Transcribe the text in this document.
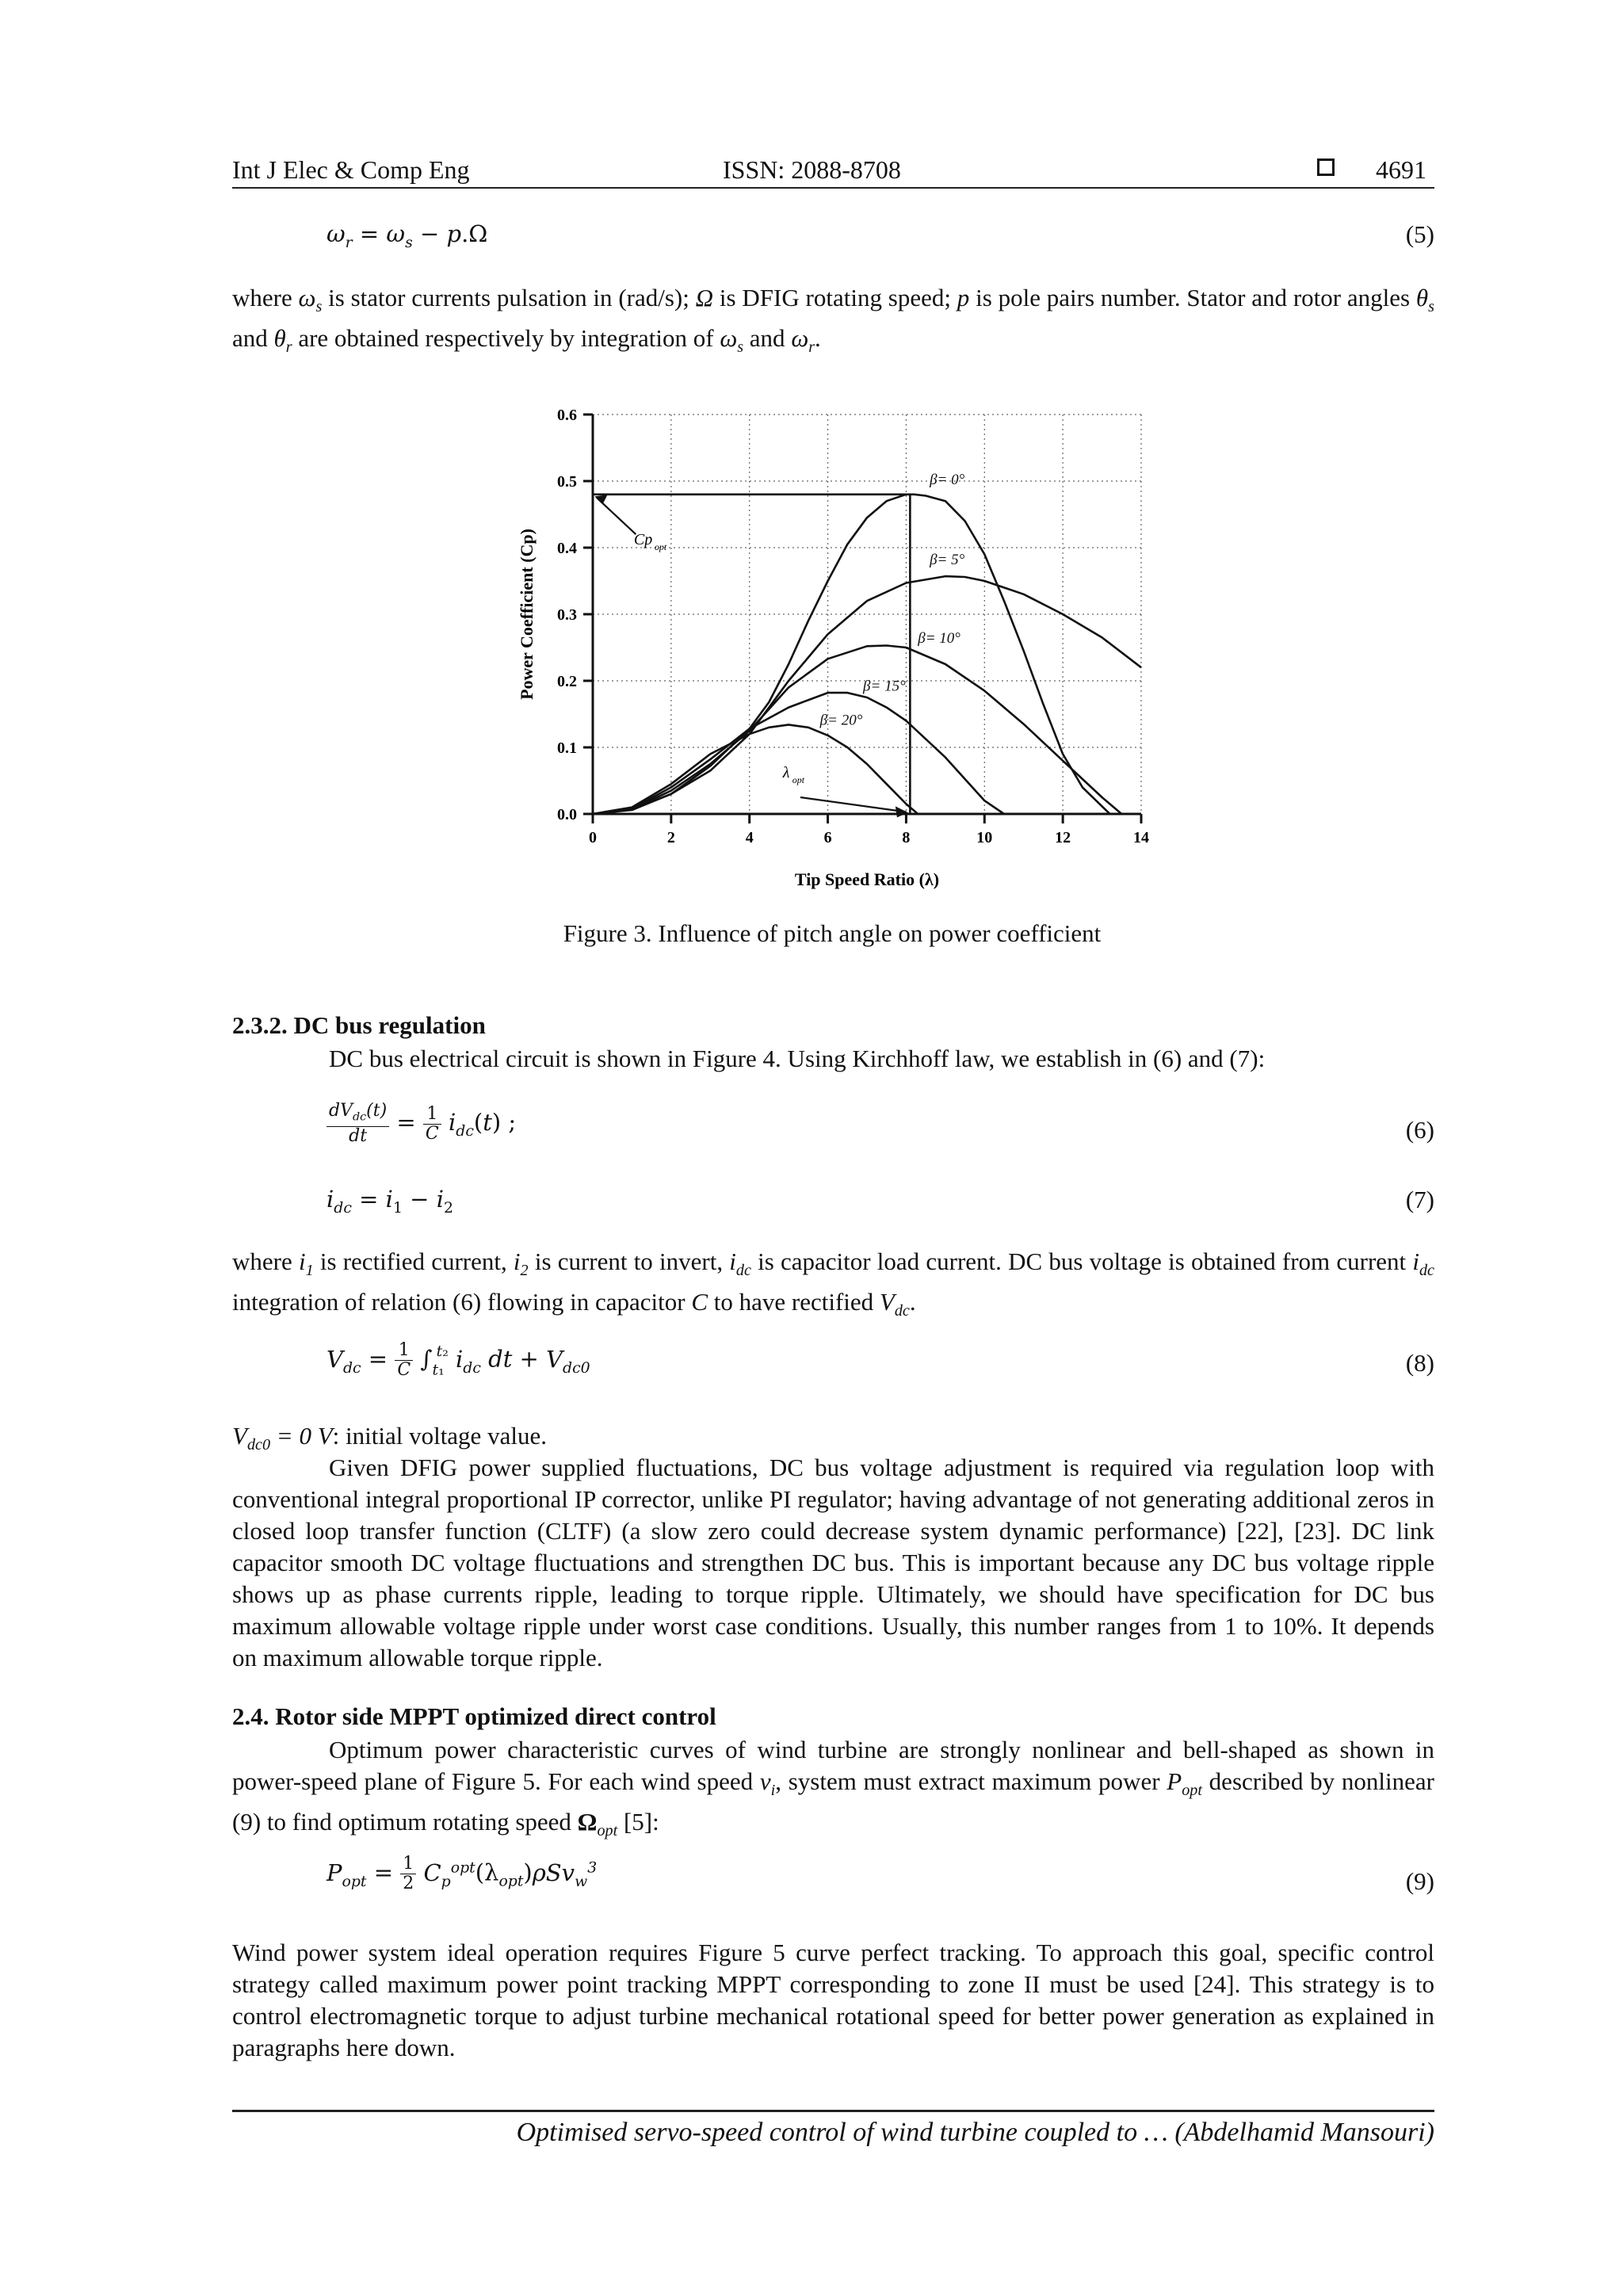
Int J Elec & Comp Eng	ISSN: 2088-8708	4691
$\omega_r = \omega_s - p.\Omega$	(5)
where $\omega_s$ is stator currents pulsation in (rad/s); Ω is DFIG rotating speed; p is pole pairs number. Stator and rotor angles $\theta_s$ and $\theta_r$ are obtained respectively by integration of $\omega_s$ and $\omega_r$.
0	2	4	6	8	10	12	14
0.0
0.1
0.2
0.3
0.4
0.5
0.6
Tip Speed Ratio (λ)
Power Coefficient (Cp)
β= 0°
β= 5°
β= 10°
β= 15°
β= 20°
Cp opt
λ opt
Figure 3. Influence of pitch angle on power coefficient
2.3.2. DC bus regulation
DC bus electrical circuit is shown in Figure 4. Using Kirchhoff law, we establish in (6) and (7):
$\frac{dV_{dc}(t)}{dt} = \frac{1}{C} i_{dc}(t)$ ;	(6)
$i_{dc} = i_1 - i_2$	(7)
where $i_1$ is rectified current, $i_2$ is current to invert, $i_{dc}$ is capacitor load current. DC bus voltage is obtained from current $i_{dc}$ integration of relation (6) flowing in capacitor C to have rectified $V_{dc}$.
$V_{dc} = \frac{1}{C} \int_{t_1}^{t_2}$ $i_{dc}$ dt + $V_{dc0}$	(8)
$V_{dc0} = 0$ V: initial voltage value.
Given DFIG power supplied fluctuations, DC bus voltage adjustment is required via regulation loop with conventional integral proportional IP corrector, unlike PI regulator; having advantage of not generating additional zeros in closed loop transfer function (CLTF) (a slow zero could decrease system dynamic performance) [22], [23]. DC link capacitor smooth DC voltage fluctuations and strengthen DC bus. This is important because any DC bus voltage ripple shows up as phase currents ripple, leading to torque ripple. Ultimately, we should have specification for DC bus maximum allowable voltage ripple under worst case conditions. Usually, this number ranges from 1 to 10%. It depends on maximum allowable torque ripple.
2.4. Rotor side MPPT optimized direct control
Optimum power characteristic curves of wind turbine are strongly nonlinear and bell-shaped as shown in power-speed plane of Figure 5. For each wind speed $v_i$, system must extract maximum power $P_{opt}$ described by nonlinear (9) to find optimum rotating speed $\Omega_{opt}$ [5]:
$P_{opt} = \frac{1}{2} C_p^{opt}(\lambda_{opt})\rho Sv_w^3$	(9)
Wind power system ideal operation requires Figure 5 curve perfect tracking. To approach this goal, specific control strategy called maximum power point tracking MPPT corresponding to zone II must be used [24]. This strategy is to control electromagnetic torque to adjust turbine mechanical rotational speed for better power generation as explained in paragraphs here down.
Optimised servo-speed control of wind turbine coupled to … (Abdelhamid Mansouri)
